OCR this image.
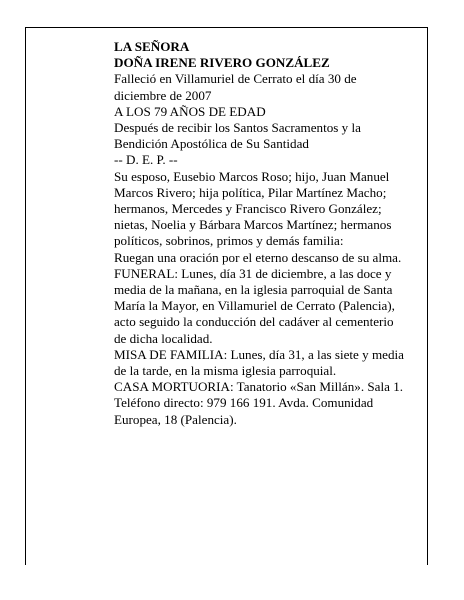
LA SEÑORA

DOÑA IRENE RIVERO GONZÁLEZ

Falleció en Villamuriel de Cerrato el día 30 de diciembre de 2007

A LOS 79 AÑOS DE EDAD

Después de recibir los Santos Sacramentos y la Bendición Apostólica de Su Santidad

-- D. E. P. --

Su esposo, Eusebio Marcos Roso; hijo, Juan Manuel Marcos Rivero; hija política, Pilar Martínez Macho; hermanos, Mercedes y Francisco Rivero González; nietas, Noelia y Bárbara Marcos Martínez; hermanos políticos, sobrinos, primos y demás familia:

Ruegan una oración por el eterno descanso de su alma.

FUNERAL: Lunes, día 31 de diciembre, a las doce y media de la mañana, en la iglesia parroquial de Santa María la Mayor, en Villamuriel de Cerrato (Palencia), acto seguido la conducción del cadáver al cementerio de dicha localidad.

MISA DE FAMILIA: Lunes, día 31, a las siete y media de la tarde, en la misma iglesia parroquial.

CASA MORTUORIA: Tanatorio «San Millán». Sala 1. Teléfono directo: 979 166 191. Avda. Comunidad Europea, 18 (Palencia).
